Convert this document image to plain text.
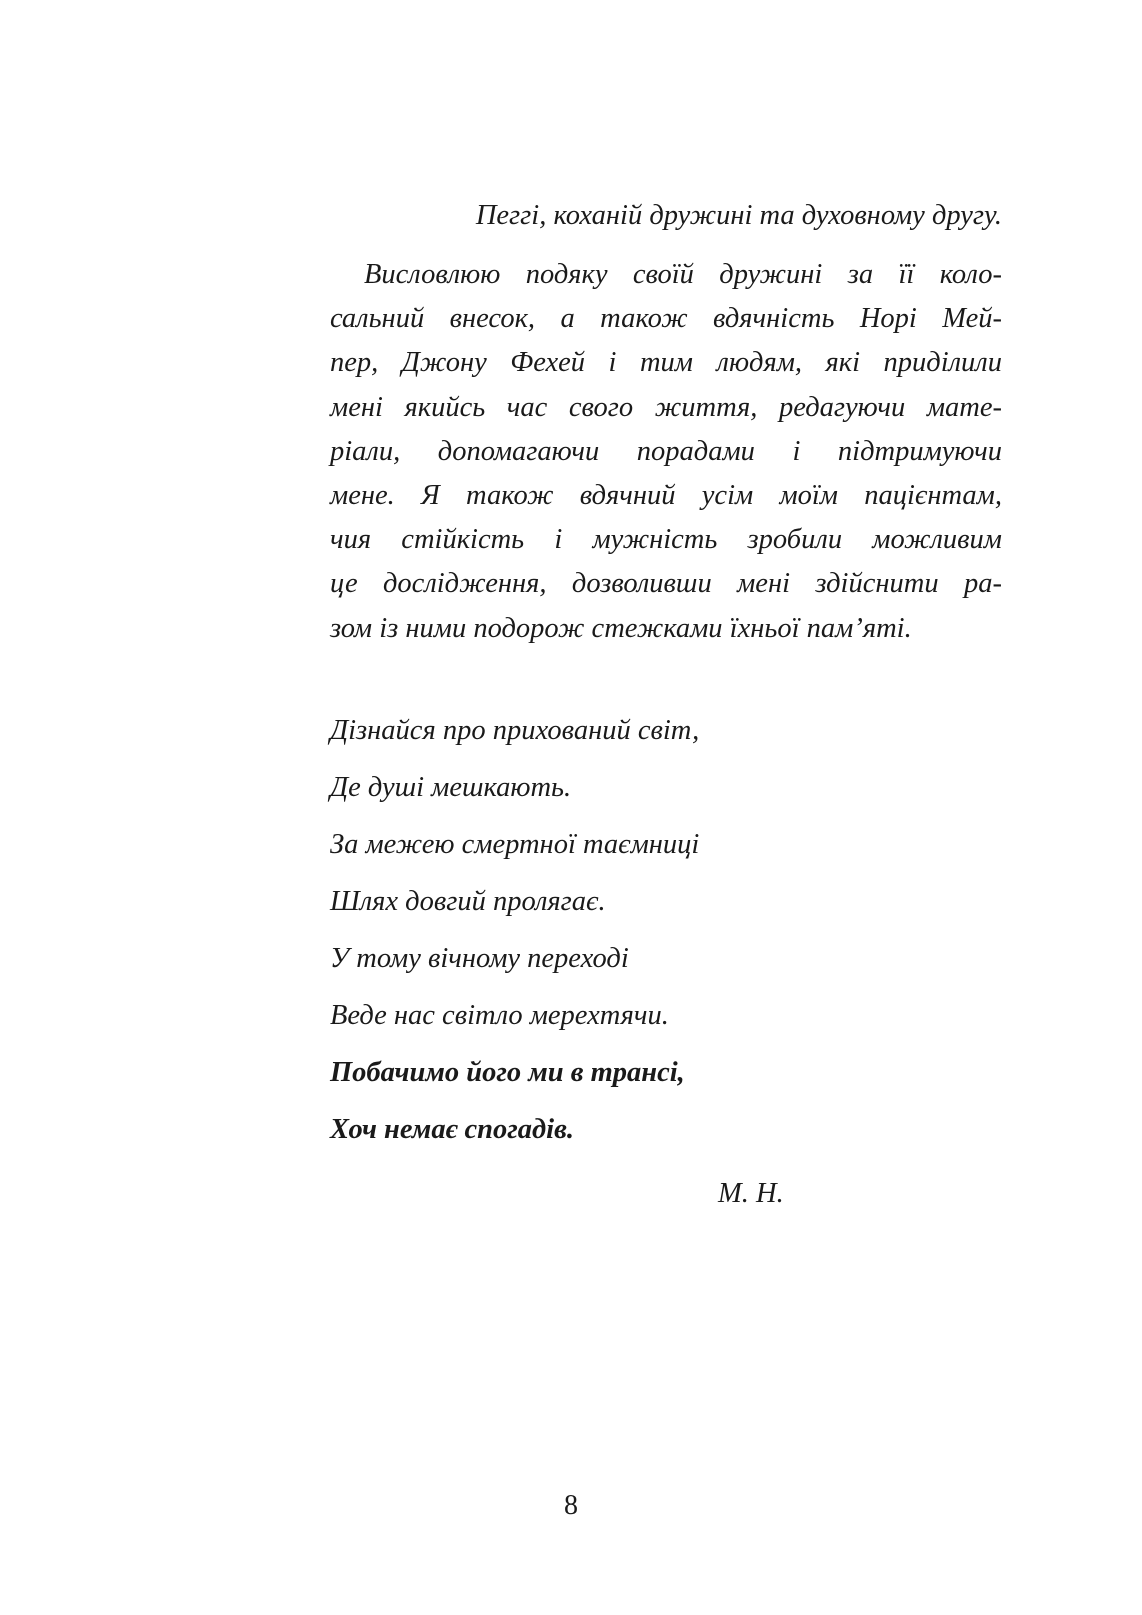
Пеггі, коханій дружині та духовному другу.
Висловлюю подяку своїй дружині за її коло-
сальний внесок, а також вдячність Норі Мей-
пер, Джону Фехей і тим людям, які приділили
мені якийсь час свого життя, редагуючи мате-
ріали, допомагаючи порадами і підтримуючи
мене. Я також вдячний усім моїм пацієнтам,
чия стійкість і мужність зробили можливим
це дослідження, дозволивши мені здійснити ра-
зом із ними подорож стежками їхньої пам’яті.
Дізнайся про прихований світ,
Де душі мешкають.
За межею смертної таємниці
Шлях довгий пролягає.
У тому вічному переході
Веде нас світло мерехтячи.
Побачимо його ми в трансі,
Хоч немає спогадів.
М. Н.
8
